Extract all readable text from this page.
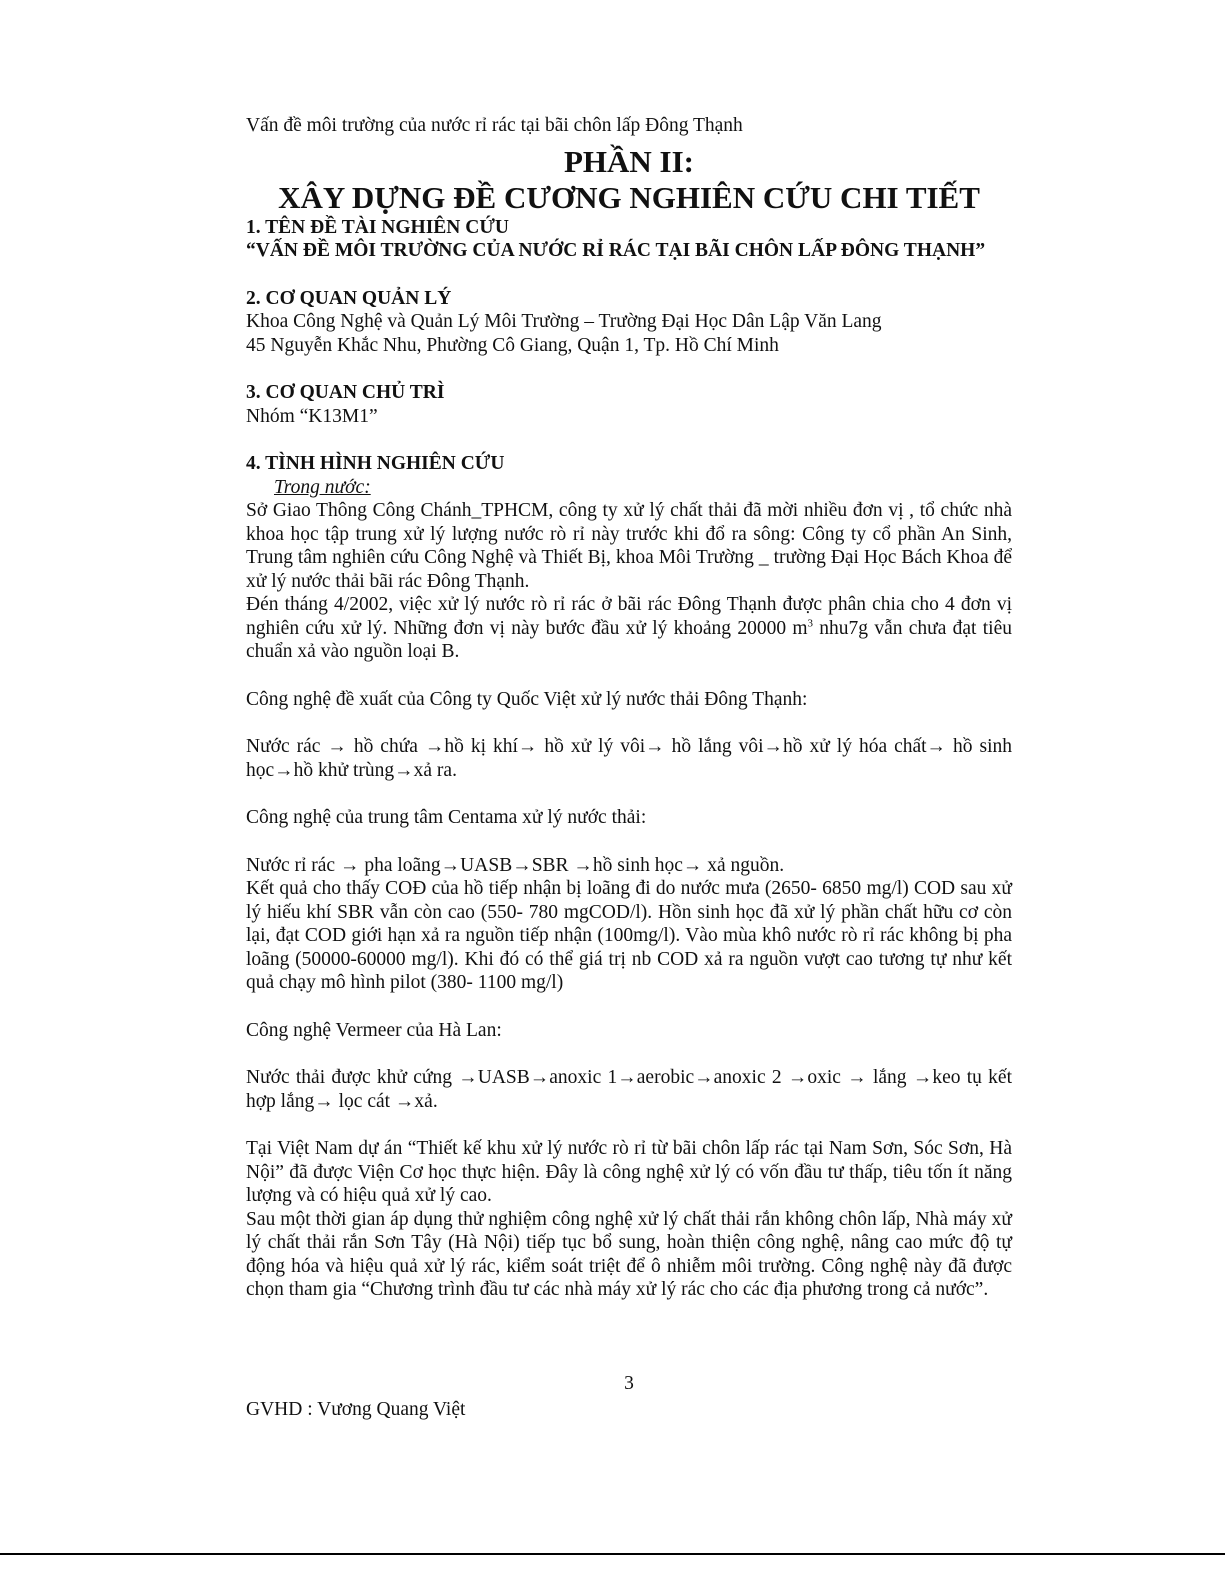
Vấn đề môi trường của nước rỉ rác tại bãi chôn lấp Đông Thạnh

PHẦN II:

XÂY DỰNG ĐỀ CƯƠNG NGHIÊN CỨU CHI TIẾT

1. TÊN ĐỀ TÀI NGHIÊN CỨU

“VẤN ĐỀ MÔI TRƯỜNG CỦA NƯỚC RỈ RÁC TẠI BÃI CHÔN LẤP ĐÔNG THẠNH”

2. CƠ QUAN QUẢN LÝ

Khoa Công Nghệ và Quản Lý Môi Trường – Trường Đại Học Dân Lập Văn Lang

45 Nguyễn Khắc Nhu, Phường Cô Giang, Quận 1, Tp. Hồ Chí Minh

3. CƠ QUAN CHỦ TRÌ

Nhóm “K13M1”

4. TÌNH HÌNH NGHIÊN CỨU

Trong nước:

Sở Giao Thông Công Chánh_TPHCM, công ty xử lý chất thải đã mời nhiều đơn vị , tổ chức nhà khoa học tập trung xử lý lượng nước rò rỉ này trước khi đổ ra sông: Công ty cổ phần An Sinh, Trung tâm nghiên cứu Công Nghệ và Thiết Bị, khoa Môi Trường _ trường Đại Học Bách Khoa để xử lý nước thải bãi rác Đông Thạnh.

Đén tháng 4/2002, việc xử lý nước rò rỉ rác ở bãi rác Đông Thạnh được phân chia cho 4 đơn vị nghiên cứu xử lý. Những đơn vị này bước đầu xử lý khoảng 20000 $m^3$ nhu7g vẫn chưa đạt tiêu chuẩn xả vào nguồn loại B.

Công nghệ đề xuất của Công ty Quốc Việt xử lý nước thải Đông Thạnh:

Nước rác → hồ chứa →hồ kị khí→ hồ xử lý vôi→ hồ lắng vôi→hồ xử lý hóa chất→ hồ sinh học→hồ khử trùng→xả ra.

Công nghệ của trung tâm Centama xử lý nước thải:

Nước rỉ rác → pha loãng→UASB→SBR →hồ sinh học→ xả nguồn.

Kết quả cho thấy COĐ của hồ tiếp nhận bị loãng đi do nước mưa (2650- 6850 mg/l) COD sau xử lý hiếu khí SBR vẫn còn cao (550- 780 mgCOD/l). Hồn sinh học đã xử lý phần chất hữu cơ còn lại, đạt COD giới hạn xả ra nguồn tiếp nhận (100mg/l). Vào mùa khô nước rò rỉ rác không bị pha loãng (50000-60000 mg/l). Khi đó có thể giá trị nb COD xả ra nguồn vượt cao tương tự như kết quả chạy mô hình pilot (380- 1100 mg/l)

Công nghệ Vermeer của Hà Lan:

Nước thải được khử cứng →UASB→anoxic 1→aerobic→anoxic 2 →oxic → lắng →keo tụ kết hợp lắng→ lọc cát →xả.

Tại Việt Nam dự án “Thiết kế khu xử lý nước rò rỉ từ bãi chôn lấp rác tại Nam Sơn, Sóc Sơn, Hà Nội” đã được Viện Cơ học thực hiện. Đây là công nghệ xử lý có vốn đầu tư thấp, tiêu tốn ít năng lượng và có hiệu quả xử lý cao.

Sau một thời gian áp dụng thử nghiệm công nghệ xử lý chất thải rắn không chôn lấp, Nhà máy xử lý chất thải rắn Sơn Tây (Hà Nội) tiếp tục bổ sung, hoàn thiện công nghệ, nâng cao mức độ tự động hóa và hiệu quả xử lý rác, kiểm soát triệt để ô nhiễm môi trường. Công nghệ này đã được chọn tham gia “Chương trình đầu tư các nhà máy xử lý rác cho các địa phương trong cả nước”.

3

GVHD : Vương Quang Việt
